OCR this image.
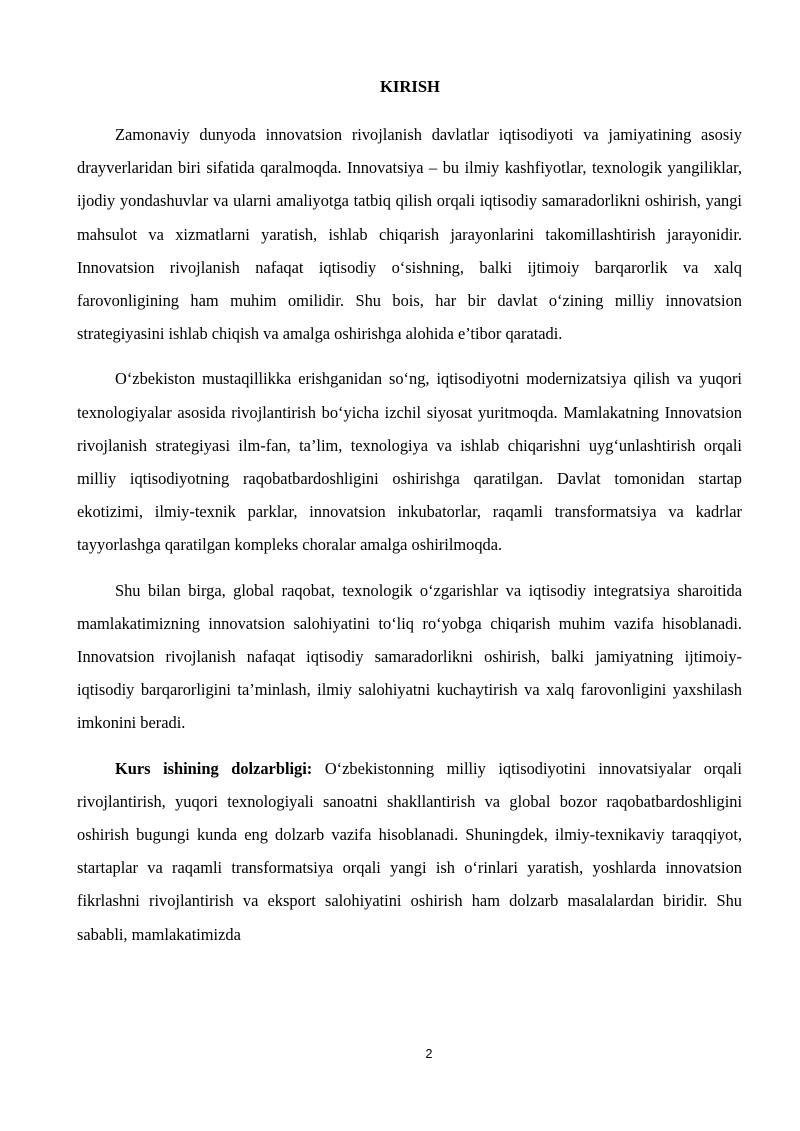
KIRISH

Zamonaviy dunyoda innovatsion rivojlanish davlatlar iqtisodiyoti va jamiyatining asosiy drayverlaridan biri sifatida qaralmoqda. Innovatsiya – bu ilmiy kashfiyotlar, texnologik yangiliklar, ijodiy yondashuvlar va ularni amaliyotga tatbiq qilish orqali iqtisodiy samaradorlikni oshirish, yangi mahsulot va xizmatlarni yaratish, ishlab chiqarish jarayonlarini takomillashtirish jarayonidir. Innovatsion rivojlanish nafaqat iqtisodiy o‘sishning, balki ijtimoiy barqarorlik va xalq farovonligining ham muhim omilidir. Shu bois, har bir davlat o‘zining milliy innovatsion strategiyasini ishlab chiqish va amalga oshirishga alohida e’tibor qaratadi.

O‘zbekiston mustaqillikka erishganidan so‘ng, iqtisodiyotni modernizatsiya qilish va yuqori texnologiyalar asosida rivojlantirish bo‘yicha izchil siyosat yuritmoqda. Mamlakatning Innovatsion rivojlanish strategiyasi ilm-fan, ta’lim, texnologiya va ishlab chiqarishni uyg‘unlashtirish orqali milliy iqtisodiyotning raqobatbardoshligini oshirishga qaratilgan. Davlat tomonidan startap ekotizimi, ilmiy-texnik parklar, innovatsion inkubatorlar, raqamli transformatsiya va kadrlar tayyorlashga qaratilgan kompleks choralar amalga oshirilmoqda.

Shu bilan birga, global raqobat, texnologik o‘zgarishlar va iqtisodiy integratsiya sharoitida mamlakatimizning innovatsion salohiyatini to‘liq ro‘yobga chiqarish muhim vazifa hisoblanadi. Innovatsion rivojlanish nafaqat iqtisodiy samaradorlikni oshirish, balki jamiyatning ijtimoiy-iqtisodiy barqarorligini ta’minlash, ilmiy salohiyatni kuchaytirish va xalq farovonligini yaxshilash imkonini beradi.

Kurs ishining dolzarbligi: O‘zbekistonning milliy iqtisodiyotini innovatsiyalar orqali rivojlantirish, yuqori texnologiyali sanoatni shakllantirish va global bozor raqobatbardoshligini oshirish bugungi kunda eng dolzarb vazifa hisoblanadi. Shuningdek, ilmiy-texnikaviy taraqqiyot, startaplar va raqamli transformatsiya orqali yangi ish o‘rinlari yaratish, yoshlarda innovatsion fikrlashni rivojlantirish va eksport salohiyatini oshirish ham dolzarb masalalardan biridir. Shu sababli, mamlakatimizda

2
